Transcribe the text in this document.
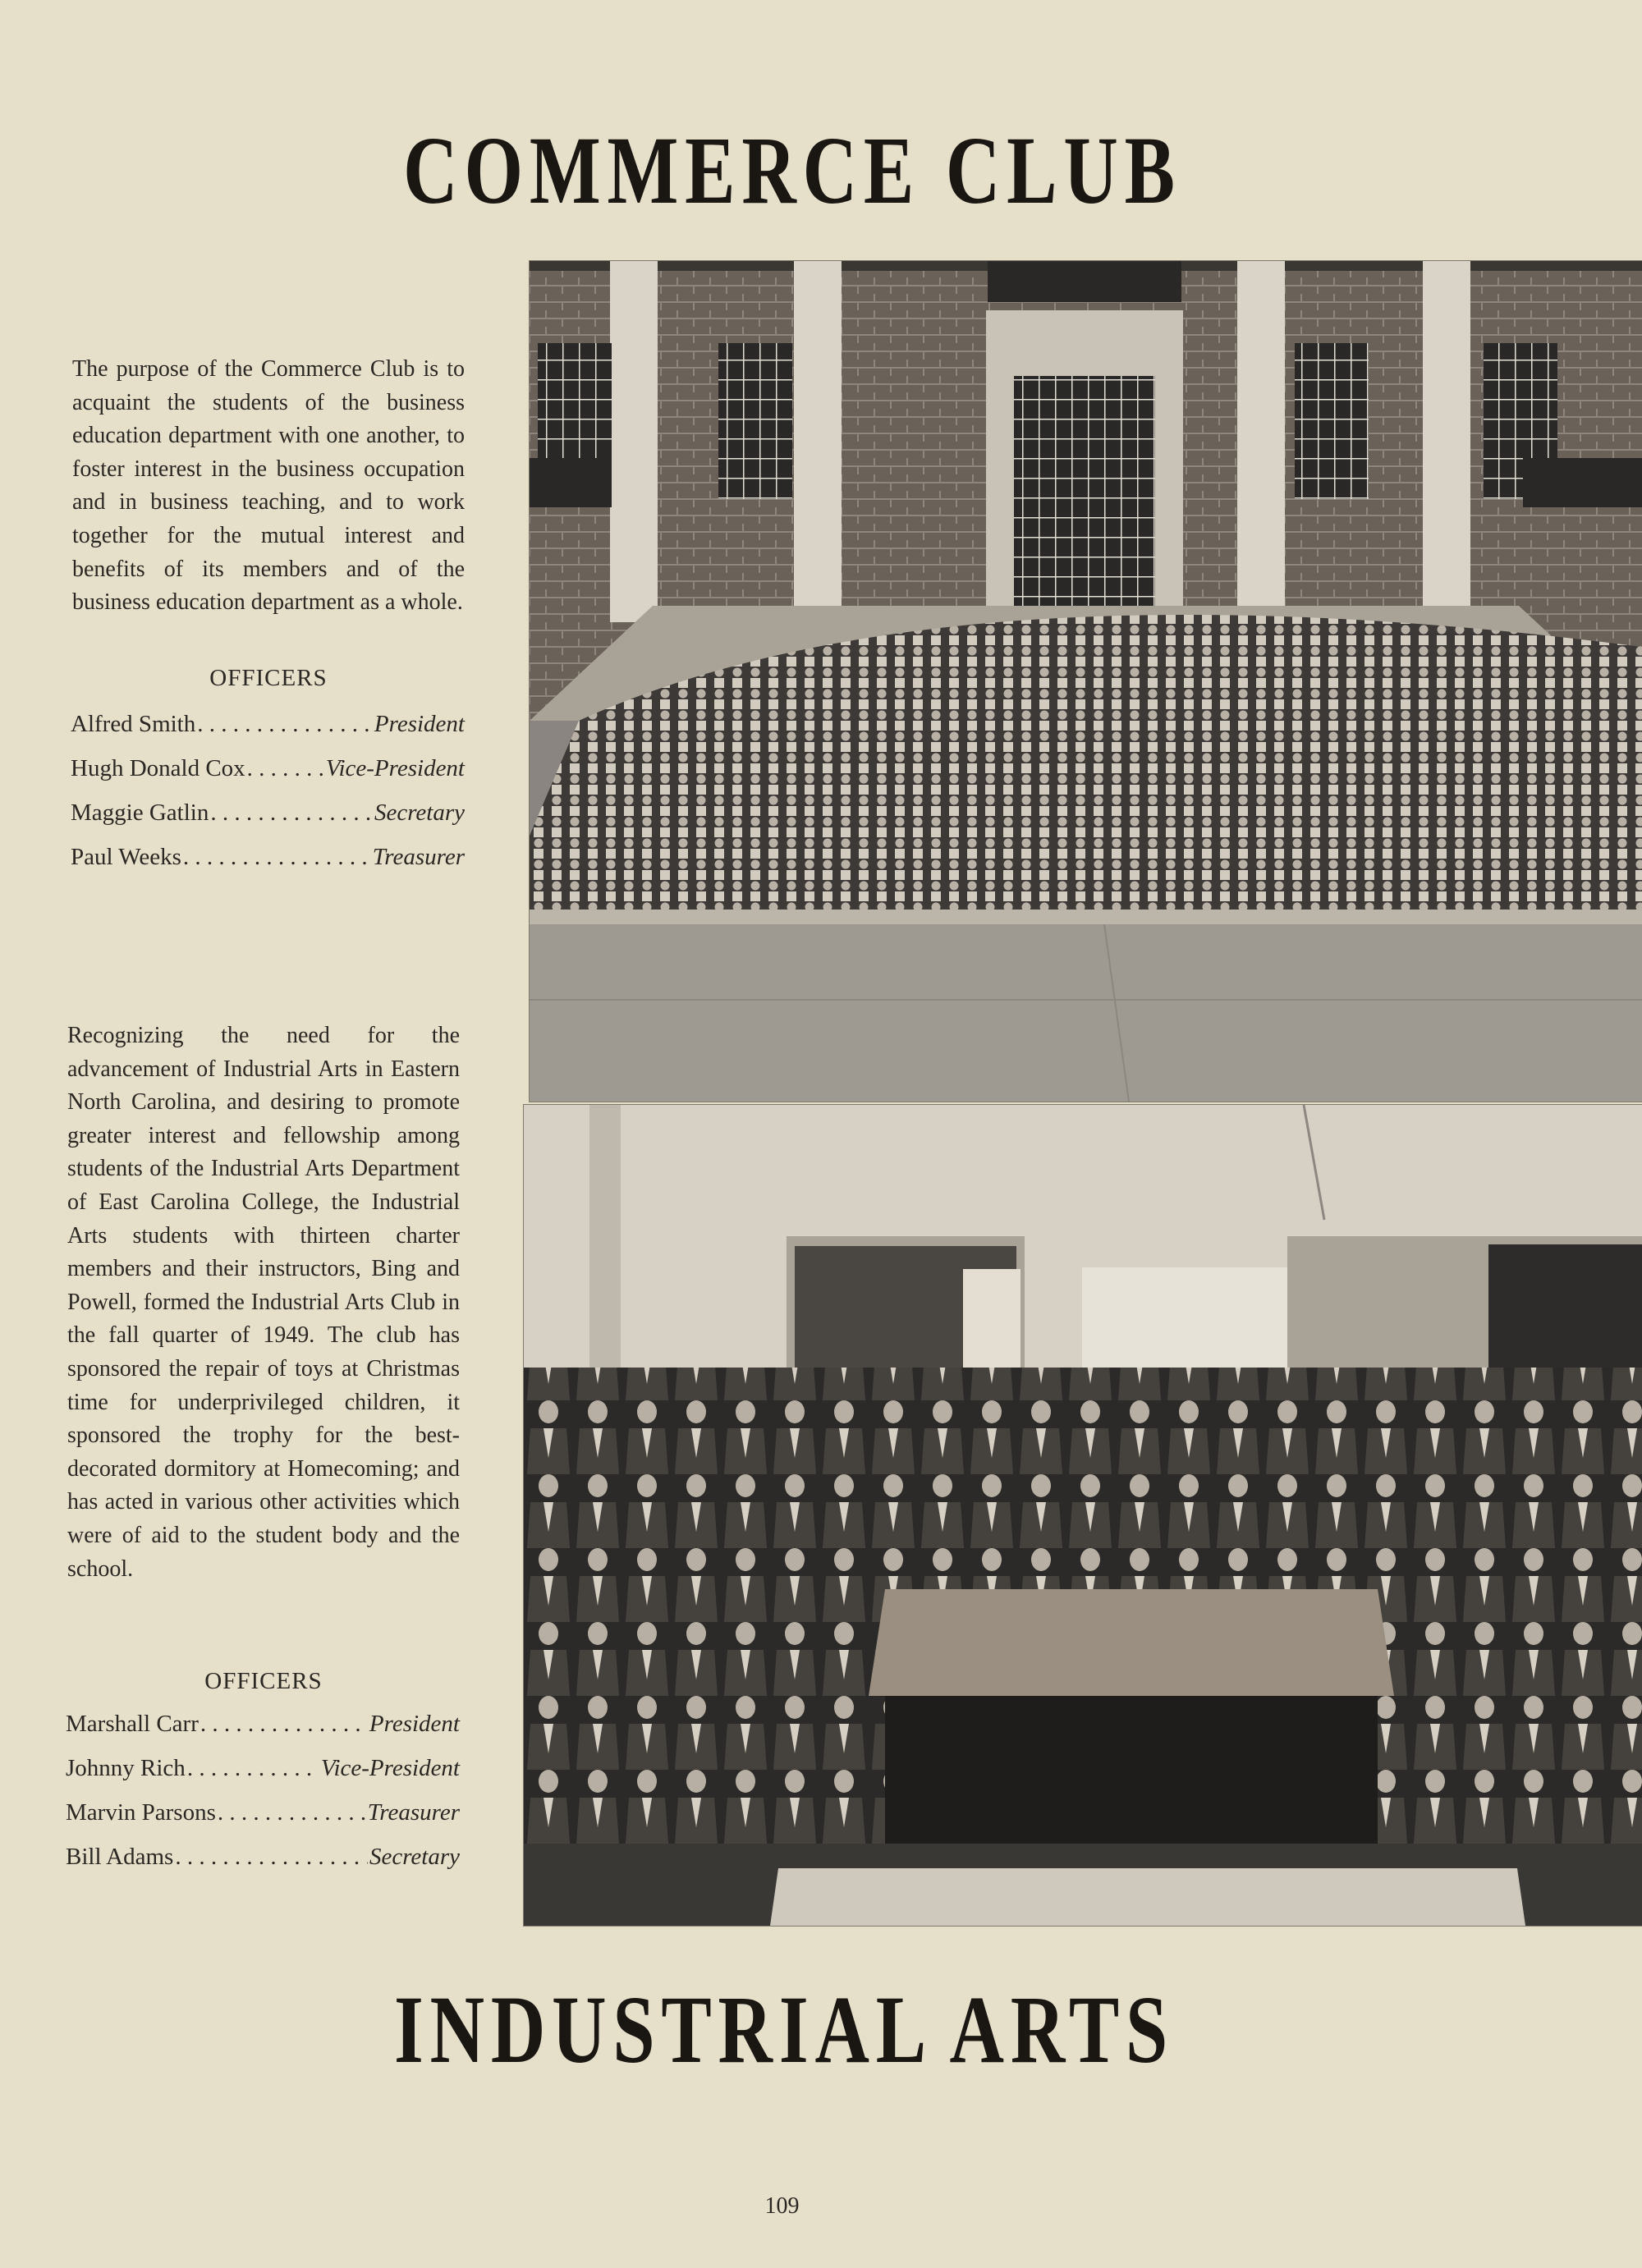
COMMERCE CLUB

The purpose of the Commerce Club is to acquaint the students of the business education department with one another, to foster interest in the business occupation and in business teaching, and to work together for the mutual interest and benefits of its members and of the business education department as a whole.

OFFICERS
Alfred Smith . . .	President
Hugh Donald Cox . . .	Vice-President
Maggie Gatlin . . .	Secretary
Paul Weeks . . .	Treasurer

Recognizing the need for the advancement of Industrial Arts in Eastern North Carolina, and desiring to promote greater interest and fellowship among students of the Industrial Arts Department of East Carolina College, the Industrial Arts students with thirteen charter members and their instructors, Bing and Powell, formed the Industrial Arts Club in the fall quarter of 1949. The club has sponsored the repair of toys at Christmas time for underprivileged children, it sponsored the trophy for the best-decorated dormitory at Homecoming; and has acted in various other activities which were of aid to the student body and the school.

OFFICERS
Marshall Carr . . .	President
Johnny Rich . . .	Vice-President
Marvin Parsons . . .	Treasurer
Bill Adams . . .	Secretary
INDUSTRIAL ARTS
109
